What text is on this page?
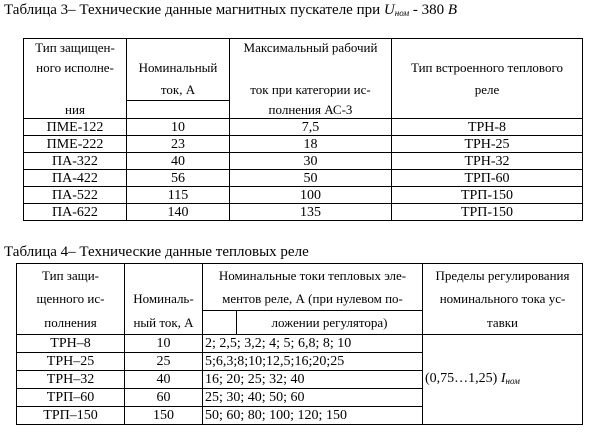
Таблица 3– Технические данные магнитных пускателе при $U_{ном} - 380$ В
Тип защищен-		Максимальный рабочий	
ного исполне-	Номинальный		Тип встроенного теплового
	ток, А	ток при категории ис-	реле
ния		полнения АС-3	
ПМЕ-122	10	7,5	ТРН-8
ПМЕ-222	23	18	ТРН-25
ПА-322	40	30	ТРН-32
ПА-422	56	50	ТРП-60
ПА-522	115	100	ТРП-150
ПА-622	140	135	ТРП-150
Таблица 4– Технические данные тепловых реле
Тип защи-		Номинальные токи тепловых эле-		Пределы регулирования
щенного ис-	Номиналь-	ментов реле, А (при нулевом по-		номинального тока ус-
полнения	ный ток, А		ложении регулятора)	тавки
ТРН–8	10	2; 2,5; 3,2; 4; 5; 6,8; 8; 10		(0,75…1,25) Iном
ТРН–25	25	5;6,3;8;10;12,5;16;20;25		
ТРН–32	40	16; 20; 25; 32; 40		
ТРП–60	60	25; 30; 40; 50; 60		
ТРП–150	150	50; 60; 80; 100; 120; 150		
